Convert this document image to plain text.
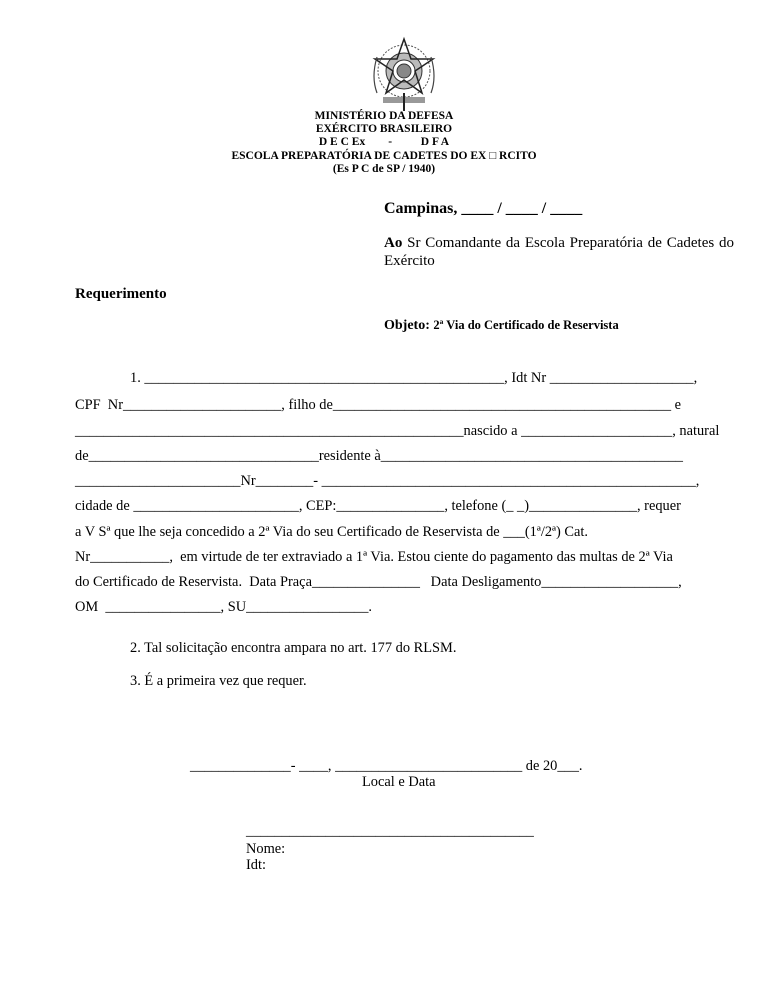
MINISTÉRIO DA DEFESA
EXÉRCITO BRASILEIRO
D E C Ex        -          D F A
ESCOLA PREPARATÓRIA DE CADETES DO EX □ RCITO
(Es P C de SP / 1940)
Campinas, ____ / ____ / ____
Ao Sr Comandante da Escola Preparatória de Cadetes do Exército
Requerimento
Objeto: 2ª Via do Certificado de Reservista
1. __________________________________________________, Idt Nr ____________________,
CPF  Nr______________________, filho de_______________________________________________ e
______________________________________________________nascido a _____________________, natural
de________________________________residente à__________________________________________
_______________________Nr________- ____________________________________________________,
cidade de _______________________, CEP:_______________, telefone (_ _)_______________, requer
a V Sª que lhe seja concedido a 2ª Via do seu Certificado de Reservista de ___(1ª/2ª) Cat.
Nr___________,  em virtude de ter extraviado a 1ª Via. Estou ciente do pagamento das multas de 2ª Via
do Certificado de Reservista.  Data Praça_______________   Data Desligamento___________________,
OM  ________________, SU_________________.
2. Tal solicitação encontra ampara no art. 177 do RLSM.
3. É a primeira vez que requer.
______________- ____, __________________________ de 20___.
Local e Data
________________________________________
Nome:
Idt:
